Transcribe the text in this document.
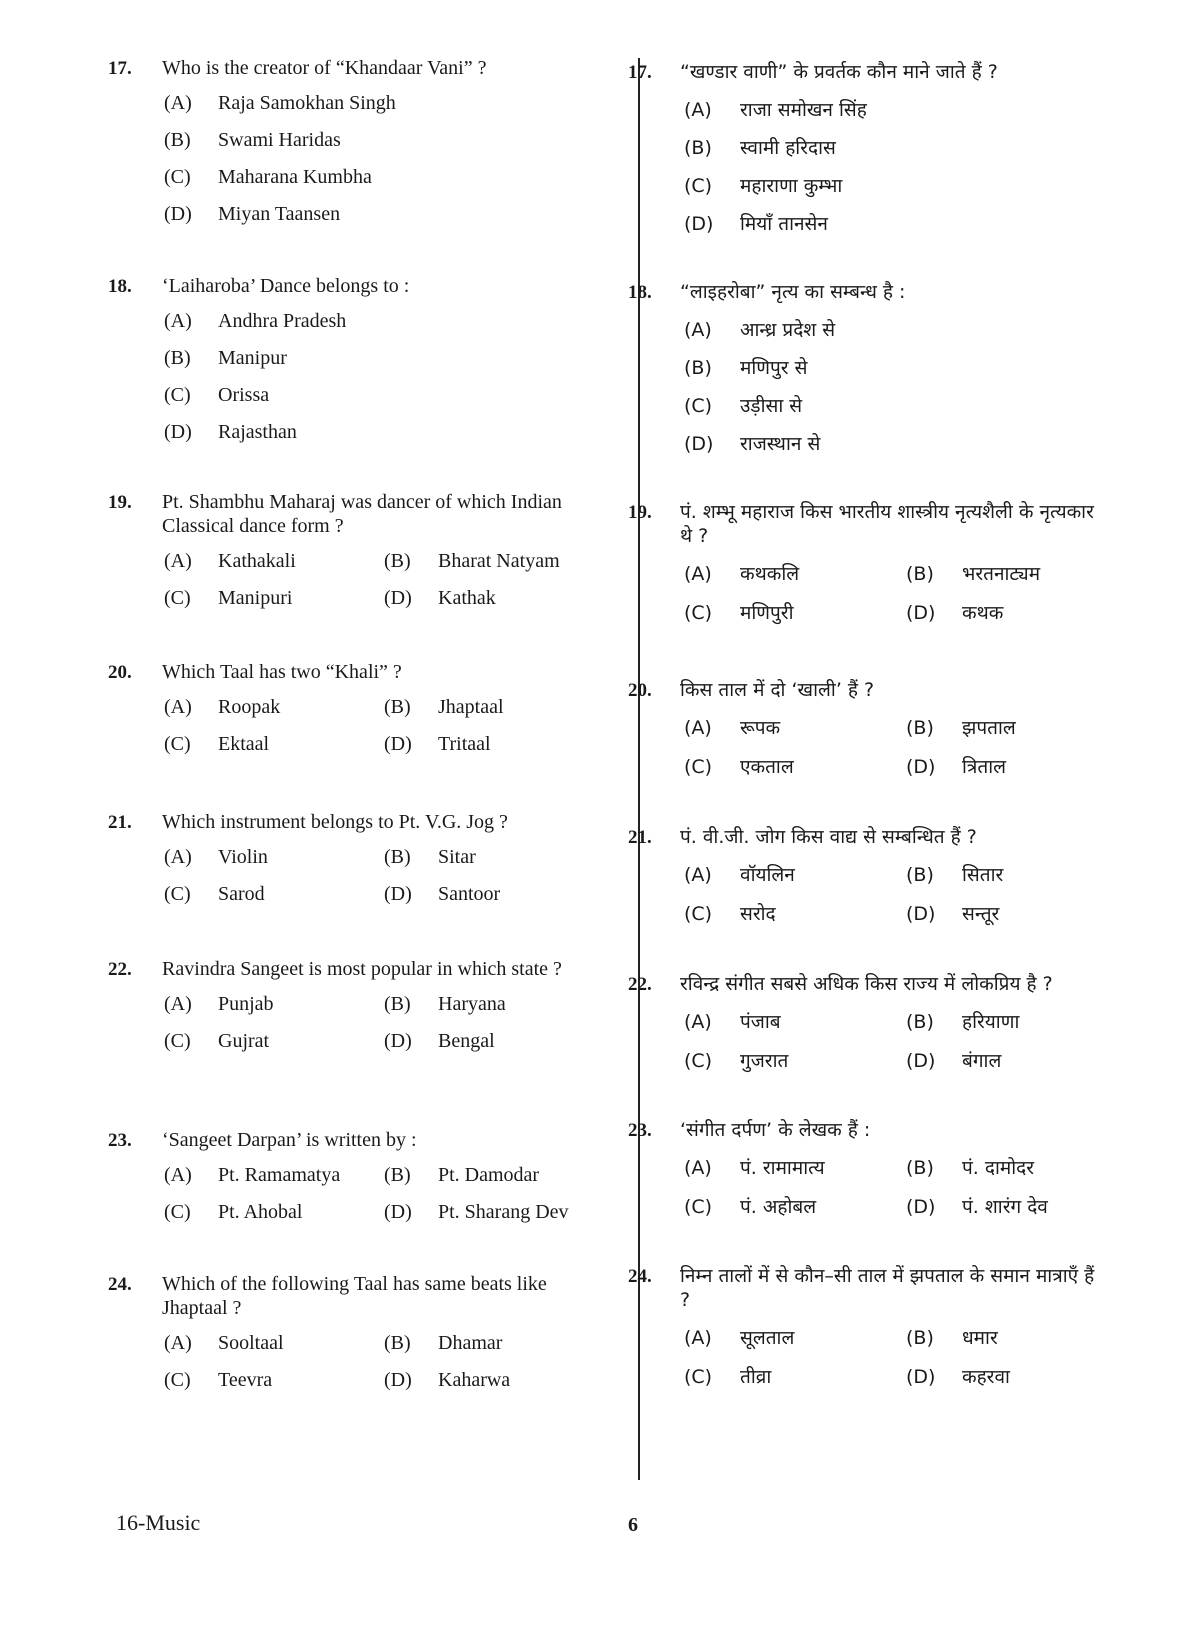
17. Who is the creator of “Khandaar Vani” ?
(A) Raja Samokhan Singh
(B) Swami Haridas
(C) Maharana Kumbha
(D) Miyan Taansen
18. ‘Laiharoba’ Dance belongs to :
(A) Andhra Pradesh
(B) Manipur
(C) Orissa
(D) Rajasthan
19. Pt. Shambhu Maharaj was dancer of which Indian Classical dance form ?
(A) Kathakali	(B) Bharat Natyam
(C) Manipuri	(D) Kathak
20. Which Taal has two “Khali” ?
(A) Roopak	(B) Jhaptaal
(C) Ektaal	(D) Tritaal
21. Which instrument belongs to Pt. V.G. Jog ?
(A) Violin	(B) Sitar
(C) Sarod	(D) Santoor
22. Ravindra Sangeet is most popular in which state ?
(A) Punjab	(B) Haryana
(C) Gujrat	(D) Bengal
23. ‘Sangeet Darpan’ is written by :
(A) Pt. Ramamatya (B) Pt. Damodar
(C) Pt. Ahobal	(D) Pt. Sharang Dev
24. Which of the following Taal has same beats like Jhaptaal ?
(A) Sooltaal	(B) Dhamar
(C) Teevra	(D) Kaharwa
17. “खण्डार वाणी” के प्रवर्तक कौन माने जाते हैं ?
(A) राजा समोखन सिंह
(B) स्वामी हरिदास
(C) महाराणा कुम्भा
(D) मियाँ तानसेन
18. “लाइहरोबा” नृत्य का सम्बन्ध है :
(A) आन्ध्र प्रदेश से
(B) मणिपुर से
(C) उड़ीसा से
(D) राजस्थान से
19. पं. शम्भू महाराज किस भारतीय शास्त्रीय नृत्यशैली के नृत्यकार थे ?
(A) कथकलि	(B) भरतनाट्यम
(C) मणिपुरी	(D) कथक
20. किस ताल में दो ‘खाली’ हैं ?
(A) रूपक	(B) झपताल
(C) एकताल	(D) त्रिताल
21. पं. वी.जी. जोग किस वाद्य से सम्बन्धित हैं ?
(A) वॉयलिन	(B) सितार
(C) सरोद	(D) सन्तूर
22. रविन्द्र संगीत सबसे अधिक किस राज्य में लोकप्रिय है ?
(A) पंजाब	(B) हरियाणा
(C) गुजरात	(D) बंगाल
23. ‘संगीत दर्पण’ के लेखक हैं :
(A) पं. रामामात्य	(B) पं. दामोदर
(C) पं. अहोबल	(D) पं. शारंग देव
24. निम्न तालों में से कौन–सी ताल में झपताल के समान मात्राएँ हैं ?
(A) सूलताल	(B) धमार
(C) तीव्रा	(D) कहरवा
16-Music	6
